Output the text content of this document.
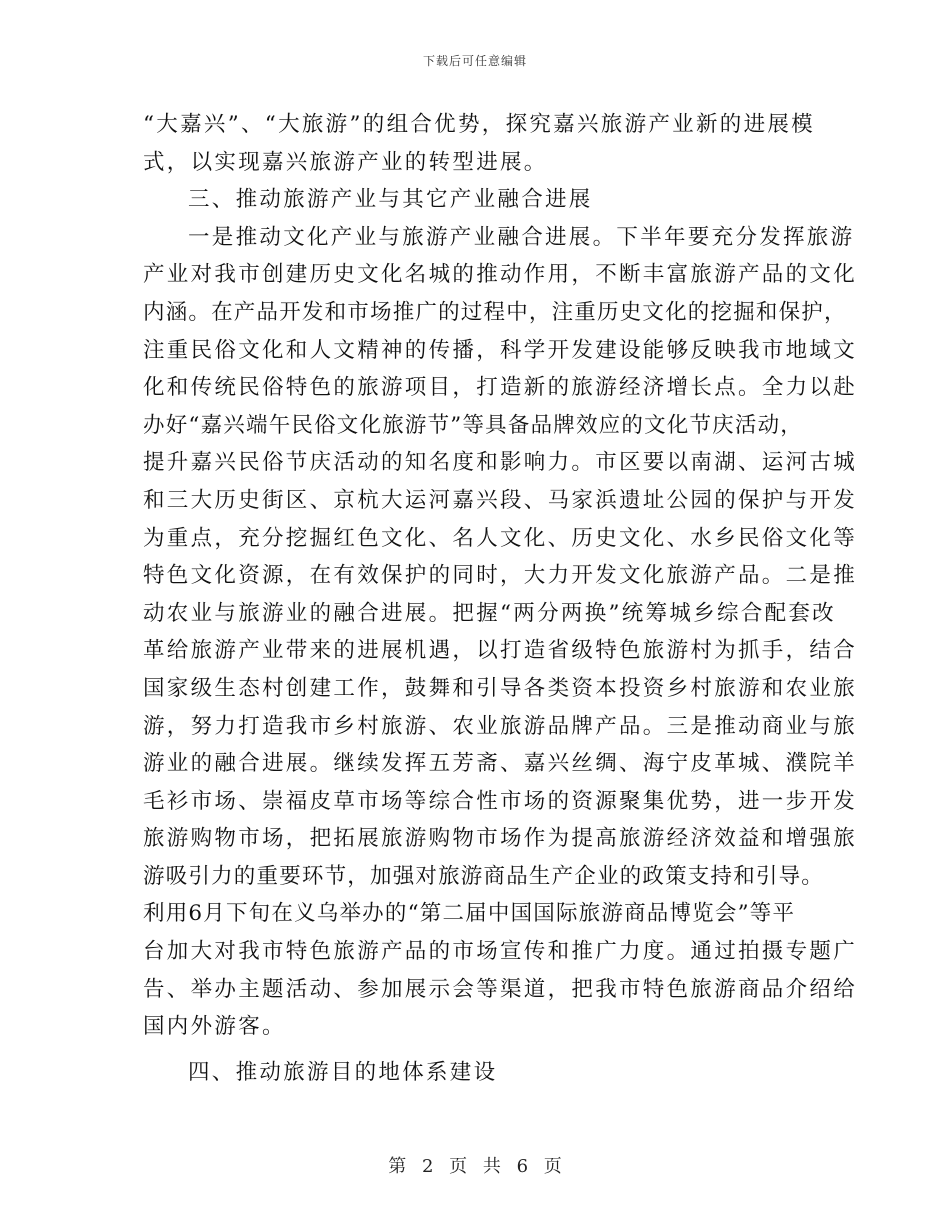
下载后可任意编辑
“大嘉兴”、“大旅游”的组合优势，探究嘉兴旅游产业新的进展模
式，以实现嘉兴旅游产业的转型进展。
三、推动旅游产业与其它产业融合进展
一是推动文化产业与旅游产业融合进展。下半年要充分发挥旅游
产业对我市创建历史文化名城的推动作用，不断丰富旅游产品的文化
内涵。在产品开发和市场推广的过程中，注重历史文化的挖掘和保护，
注重民俗文化和人文精神的传播，科学开发建设能够反映我市地域文
化和传统民俗特色的旅游项目，打造新的旅游经济增长点。全力以赴
办好“嘉兴端午民俗文化旅游节”等具备品牌效应的文化节庆活动，
提升嘉兴民俗节庆活动的知名度和影响力。市区要以南湖、运河古城
和三大历史街区、京杭大运河嘉兴段、马家浜遗址公园的保护与开发
为重点，充分挖掘红色文化、名人文化、历史文化、水乡民俗文化等
特色文化资源，在有效保护的同时，大力开发文化旅游产品。二是推
动农业与旅游业的融合进展。把握“两分两换”统筹城乡综合配套改
革给旅游产业带来的进展机遇，以打造省级特色旅游村为抓手，结合
国家级生态村创建工作，鼓舞和引导各类资本投资乡村旅游和农业旅
游，努力打造我市乡村旅游、农业旅游品牌产品。三是推动商业与旅
游业的融合进展。继续发挥五芳斋、嘉兴丝绸、海宁皮革城、濮院羊
毛衫市场、崇福皮草市场等综合性市场的资源聚集优势，进一步开发
旅游购物市场，把拓展旅游购物市场作为提高旅游经济效益和增强旅
游吸引力的重要环节，加强对旅游商品生产企业的政策支持和引导。
利用6月下旬在义乌举办的“第二届中国国际旅游商品博览会”等平
台加大对我市特色旅游产品的市场宣传和推广力度。通过拍摄专题广
告、举办主题活动、参加展示会等渠道，把我市特色旅游商品介绍给
国内外游客。
四、推动旅游目的地体系建设
第 2 页 共 6 页
